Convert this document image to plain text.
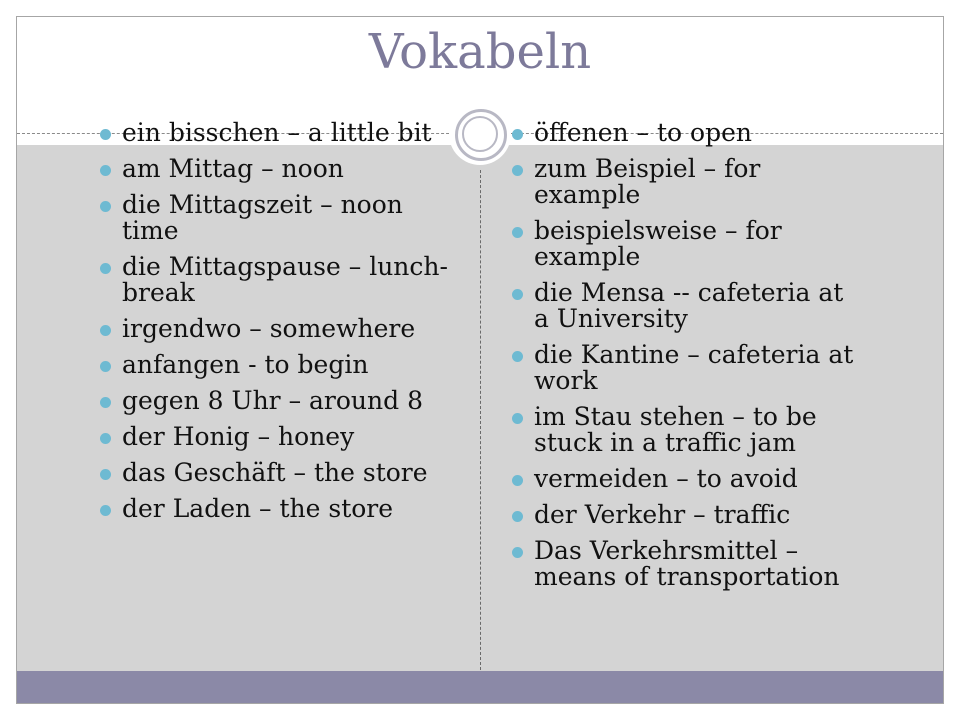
Vokabeln
ein bisschen – a little bit
am Mittag – noon
die Mittagszeit – noon time
die Mittagspause – lunch-break
irgendwo – somewhere
anfangen - to begin
gegen 8 Uhr – around 8
der Honig – honey
das Geschäft – the store
der Laden – the store
öffenen – to open
zum Beispiel – for example
beispielsweise – for example
die Mensa -- cafeteria at a University
die Kantine – cafeteria at work
im Stau stehen – to be stuck in a traffic jam
vermeiden – to avoid
der Verkehr – traffic
Das Verkehrsmittel – means of transportation
